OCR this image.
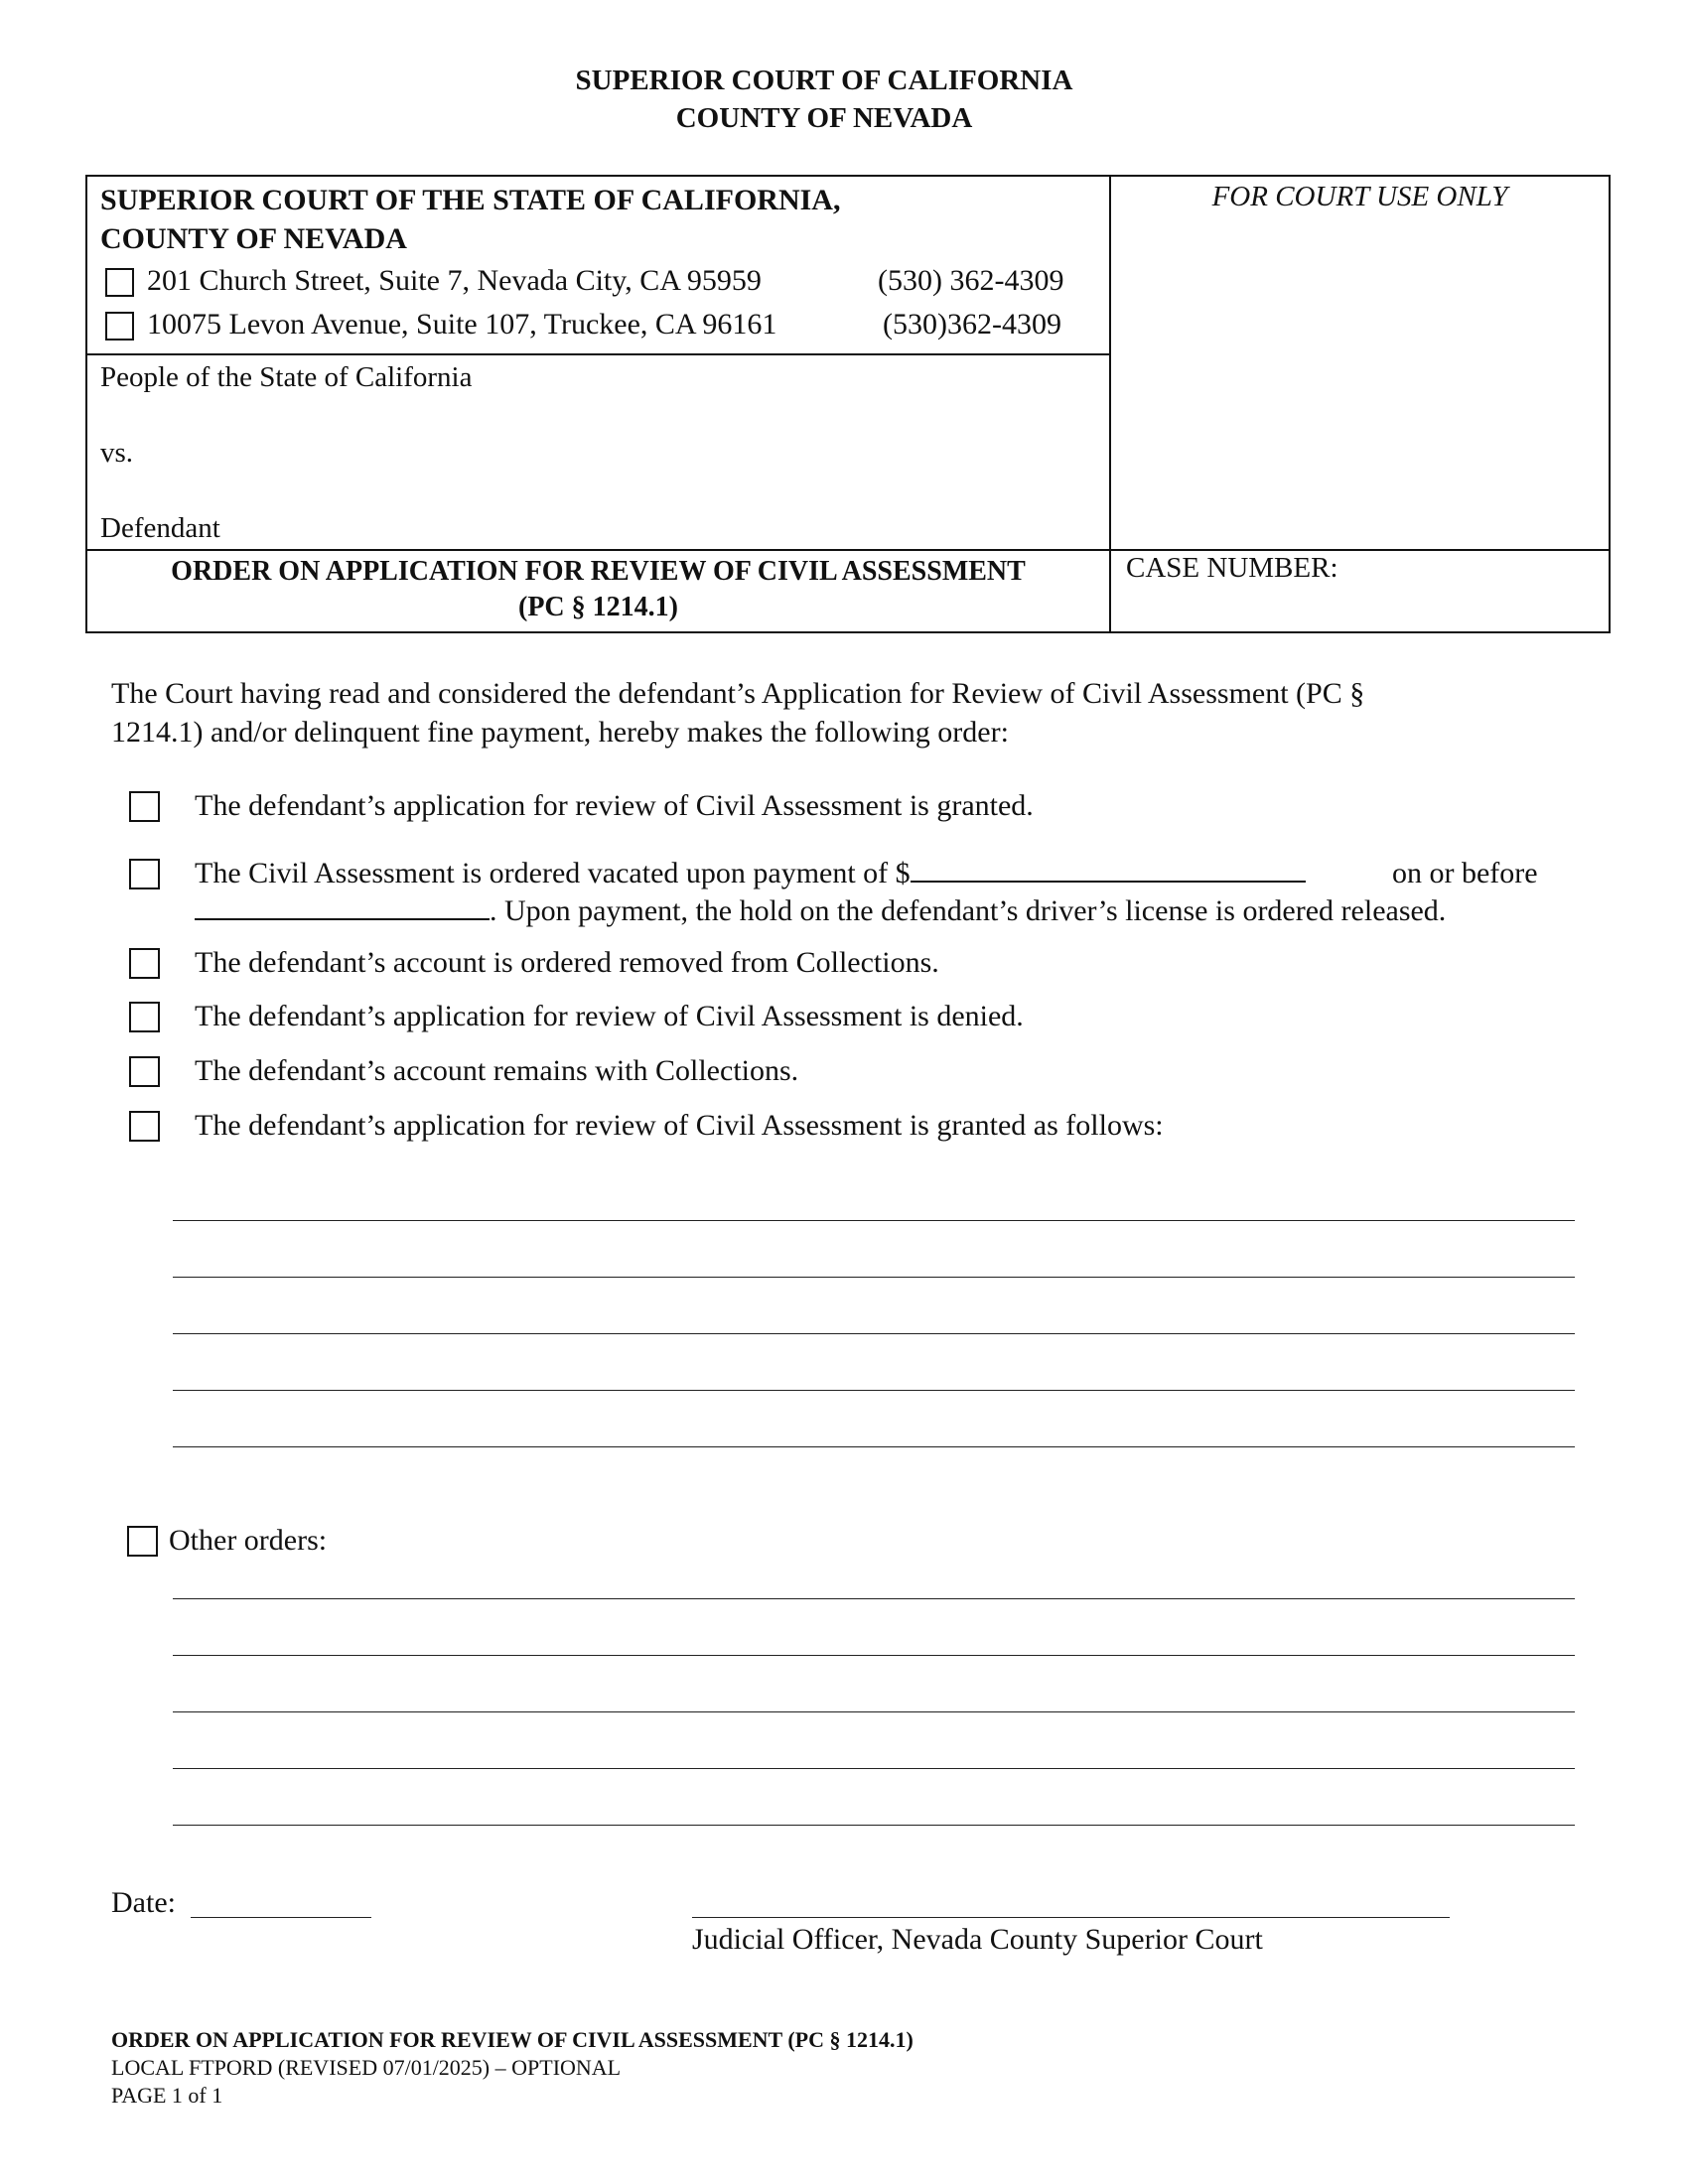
SUPERIOR COURT OF CALIFORNIA
COUNTY OF NEVADA
SUPERIOR COURT OF THE STATE OF CALIFORNIA,
COUNTY OF NEVADA
201 Church Street, Suite 7, Nevada City, CA 95959	(530) 362-4309
10075 Levon Avenue, Suite 107, Truckee, CA 96161	(530)362-4309
People of the State of California
vs.
Defendant
ORDER ON APPLICATION FOR REVIEW OF CIVIL ASSESSMENT
(PC § 1214.1)
FOR COURT USE ONLY
CASE NUMBER:
The Court having read and considered the defendant’s Application for Review of Civil Assessment (PC §
1214.1) and/or delinquent fine payment, hereby makes the following order:
The defendant’s application for review of Civil Assessment is granted.
The Civil Assessment is ordered vacated upon payment of $	on or before
. Upon payment, the hold on the defendant’s driver’s license is ordered released.
The defendant’s account is ordered removed from Collections.
The defendant’s application for review of Civil Assessment is denied.
The defendant’s account remains with Collections.
The defendant’s application for review of Civil Assessment is granted as follows:
Other orders:
Date:
Judicial Officer, Nevada County Superior Court
ORDER ON APPLICATION FOR REVIEW OF CIVIL ASSESSMENT (PC § 1214.1)
LOCAL FTPORD (REVISED 07/01/2025) – OPTIONAL
PAGE 1 of 1
